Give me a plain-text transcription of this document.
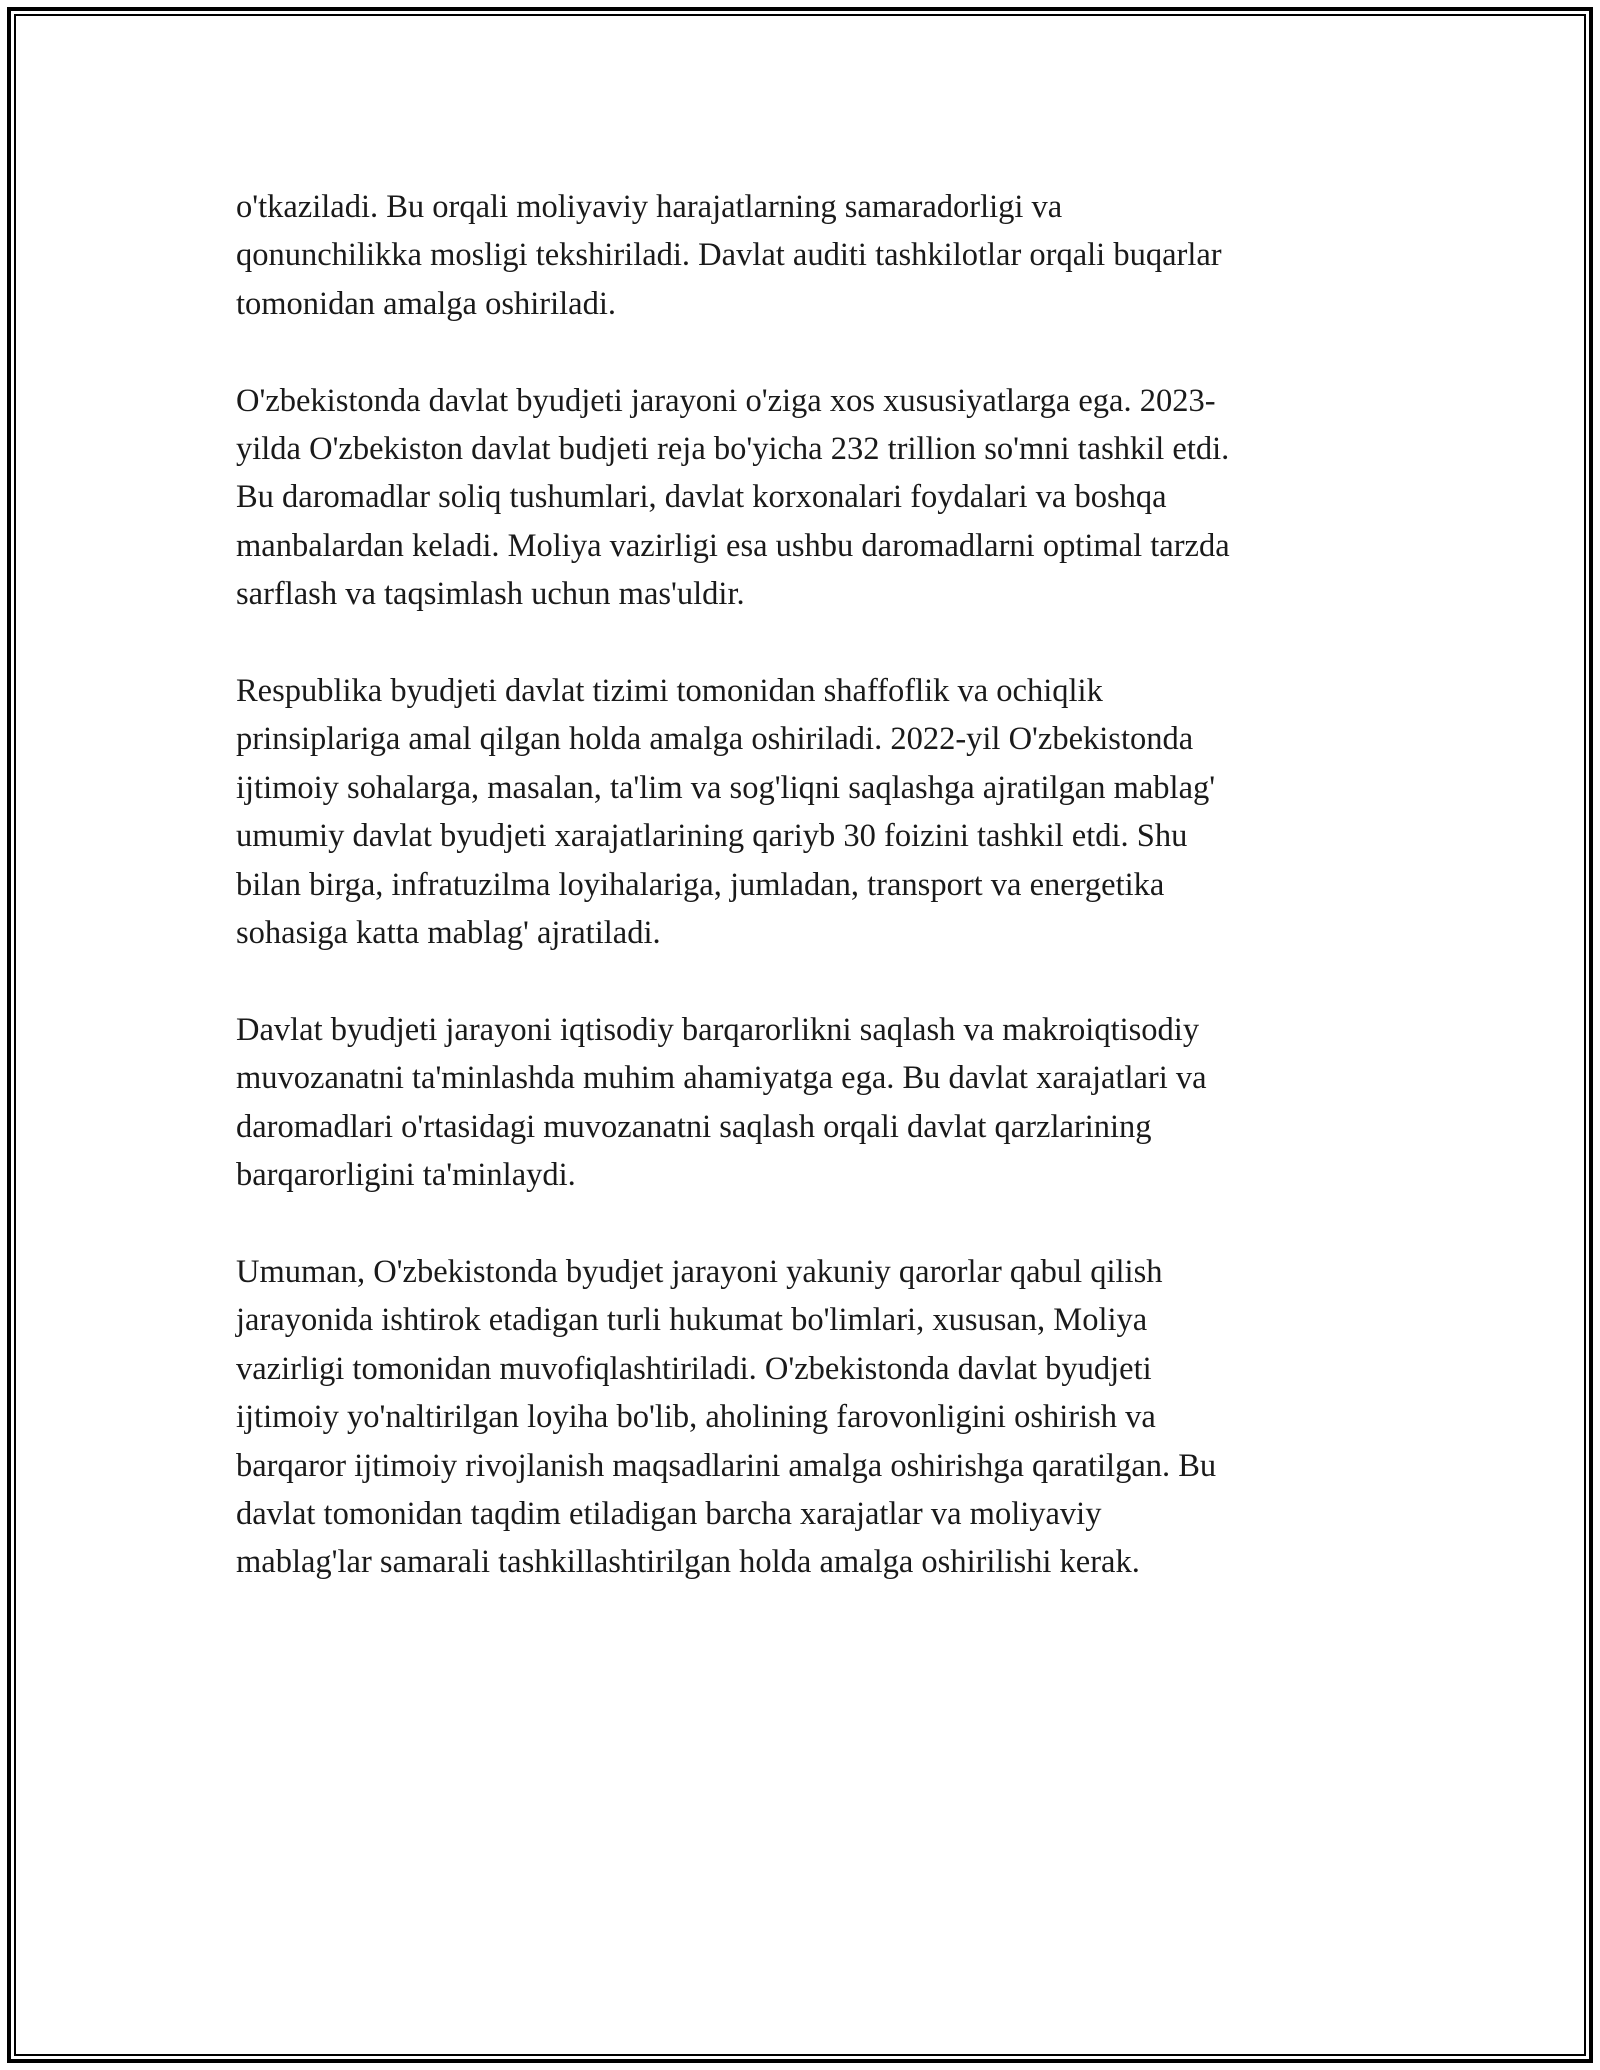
o'tkaziladi. Bu orqali moliyaviy harajatlarning samaradorligi va
qonunchilikka mosligi tekshiriladi. Davlat auditi tashkilotlar orqali buqarlar
tomonidan amalga oshiriladi.

O'zbekistonda davlat byudjeti jarayoni o'ziga xos xususiyatlarga ega. 2023-
yilda O'zbekiston davlat budjeti reja bo'yicha 232 trillion so'mni tashkil etdi.
Bu daromadlar soliq tushumlari, davlat korxonalari foydalari va boshqa
manbalardan keladi. Moliya vazirligi esa ushbu daromadlarni optimal tarzda
sarflash va taqsimlash uchun mas'uldir.

Respublika byudjeti davlat tizimi tomonidan shaffoflik va ochiqlik
prinsiplariga amal qilgan holda amalga oshiriladi. 2022-yil O'zbekistonda
ijtimoiy sohalarga, masalan, ta'lim va sog'liqni saqlashga ajratilgan mablag'
umumiy davlat byudjeti xarajatlarining qariyb 30 foizini tashkil etdi. Shu
bilan birga, infratuzilma loyihalariga, jumladan, transport va energetika
sohasiga katta mablag' ajratiladi.

Davlat byudjeti jarayoni iqtisodiy barqarorlikni saqlash va makroiqtisodiy
muvozanatni ta'minlashda muhim ahamiyatga ega. Bu davlat xarajatlari va
daromadlari o'rtasidagi muvozanatni saqlash orqali davlat qarzlarining
barqarorligini ta'minlaydi.

Umuman, O'zbekistonda byudjet jarayoni yakuniy qarorlar qabul qilish
jarayonida ishtirok etadigan turli hukumat bo'limlari, xususan, Moliya
vazirligi tomonidan muvofiqlashtiriladi. O'zbekistonda davlat byudjeti
ijtimoiy yo'naltirilgan loyiha bo'lib, aholining farovonligini oshirish va
barqaror ijtimoiy rivojlanish maqsadlarini amalga oshirishga qaratilgan. Bu
davlat tomonidan taqdim etiladigan barcha xarajatlar va moliyaviy
mablag'lar samarali tashkillashtirilgan holda amalga oshirilishi kerak.
